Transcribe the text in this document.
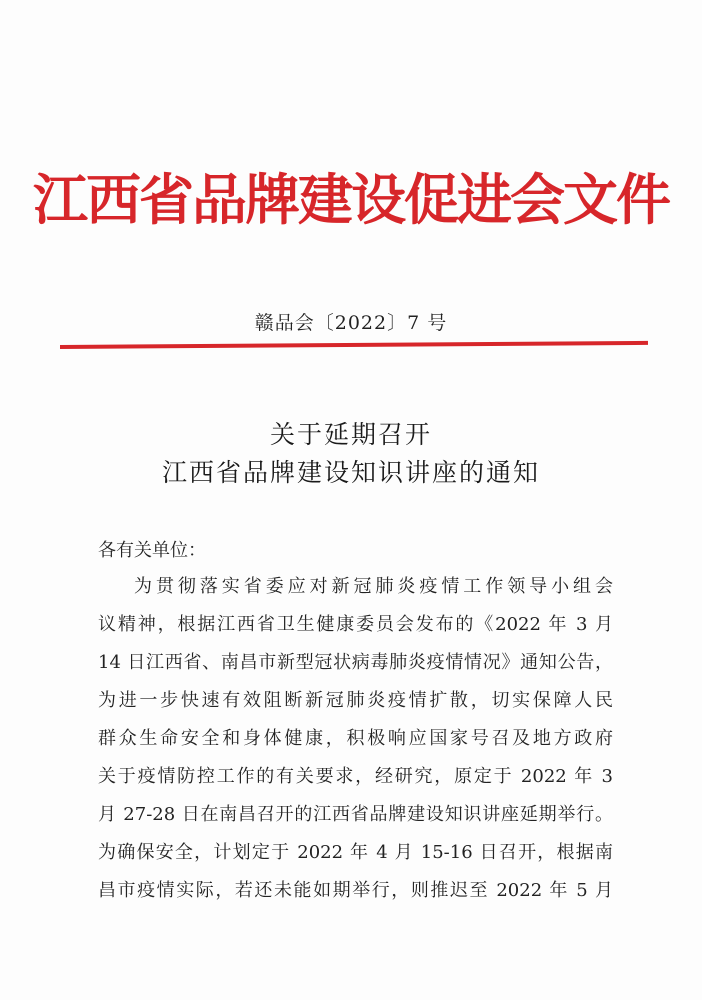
江西省品牌建设促进会文件
赣品会〔2022〕7 号
关于延期召开
江西省品牌建设知识讲座的通知
各有关单位：
为贯彻落实省委应对新冠肺炎疫情工作领导小组会
议精神，根据江西省卫生健康委员会发布的《2022 年 3 月
14 日江西省、南昌市新型冠状病毒肺炎疫情情况》通知公告，
为进一步快速有效阻断新冠肺炎疫情扩散，切实保障人民
群众生命安全和身体健康，积极响应国家号召及地方政府
关于疫情防控工作的有关要求，经研究，原定于 2022 年 3
月 27-28 日在南昌召开的江西省品牌建设知识讲座延期举行。
为确保安全，计划定于 2022 年 4 月 15-16 日召开，根据南
昌市疫情实际，若还未能如期举行，则推迟至 2022 年 5 月
